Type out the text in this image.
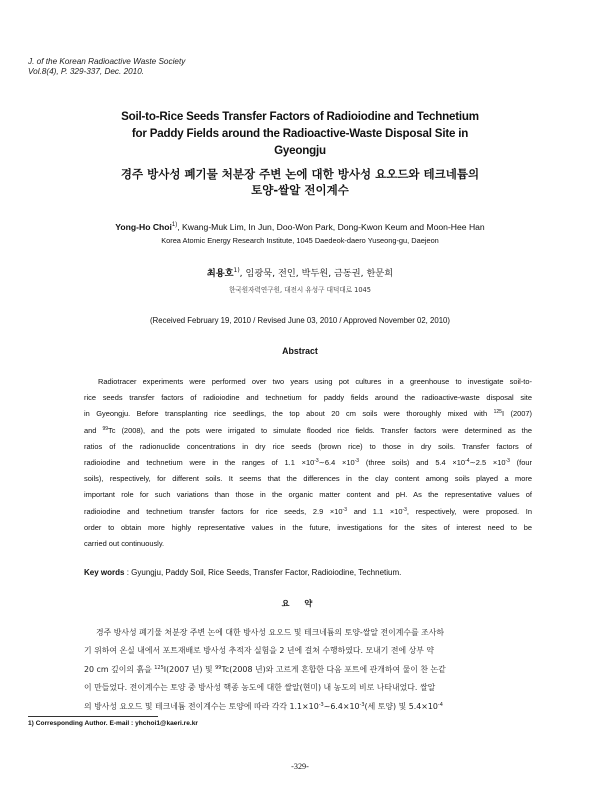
J. of the Korean Radioactive Waste Society
Vol.8(4), P. 329-337, Dec. 2010.
Soil-to-Rice Seeds Transfer Factors of Radioiodine and Technetium
for Paddy Fields around the Radioactive-Waste Disposal Site in
Gyeongju
경주 방사성 폐기물 처분장 주변 논에 대한 방사성 요오드와 테크네튬의
토양-쌀알 전이계수
Yong-Ho Choi$^{1)}$, Kwang-Muk Lim, In Jun, Doo-Won Park, Dong-Kwon Keum and Moon-Hee Han
Korea Atomic Energy Research Institute, 1045 Daedeok-daero Yuseong-gu, Daejeon
최용호$^{1)}$, 임광묵, 전인, 박두원, 금동권, 한문희
한국원자력연구원, 대전시 유성구 대덕대로 1045
(Received February 19, 2010 / Revised June 03, 2010 / Approved November 02, 2010)
Abstract
Radiotracer experiments were performed over two years using pot cultures in a greenhouse to investigate soil-to-
rice seeds transfer factors of radioiodine and technetium for paddy fields around the radioactive-waste disposal site
in Gyeongju. Before transplanting rice seedlings, the top about 20 cm soils were thoroughly mixed with $^{125}$I (2007)
and $^{99}$Tc (2008), and the pots were irrigated to simulate flooded rice fields. Transfer factors were determined as the
ratios of the radionuclide concentrations in dry rice seeds (brown rice) to those in dry soils. Transfer factors of
radioiodine and technetium were in the ranges of $1.1 \times 10^{-3}\sim 6.4 \times 10^{-3}$ (three soils) and $5.4 \times 10^{-4}\sim 2.5 \times 10^{-3}$ (four
soils), respectively, for different soils. It seems that the differences in the clay content among soils played a more
important role for such variations than those in the organic matter content and pH. As the representative values of
radioiodine and technetium transfer factors for rice seeds, $2.9 \times 10^{-3}$ and $1.1 \times 10^{-3}$, respectively, were proposed. In
order to obtain more highly representative values in the future, investigations for the sites of interest need to be
carried out continuously.
Key words : Gyungju, Paddy Soil, Rice Seeds, Transfer Factor, Radioiodine, Technetium.
요 약
경주 방사성 폐기물 처분장 주변 논에 대한 방사성 요오드 및 테크네튬의 토양-쌀알 전이계수를 조사하
기 위하여 온실 내에서 포트재배로 방사성 추적자 실험을 2 년에 걸쳐 수행하였다. 모내기 전에 상부 약
20 cm 깊이의 흙을 $^{125}$I(2007 년) 및 $^{99}$Tc(2008 년)와 고르게 혼합한 다음 포트에 관개하여 물이 찬 논같
이 만들었다. 전이계수는 토양 중 방사성 핵종 농도에 대한 쌀알(현미) 내 농도의 비로 나타내었다. 쌀알
의 방사성 요오드 및 테크네튬 전이계수는 토양에 따라 각각 $1.1\times 10^{-3}\sim 6.4\times 10^{-3}$(세 토양) 및 $5.4\times 10^{-4}$
1) Corresponding Author. E-mail : yhchoi1@kaeri.re.kr
-329-
